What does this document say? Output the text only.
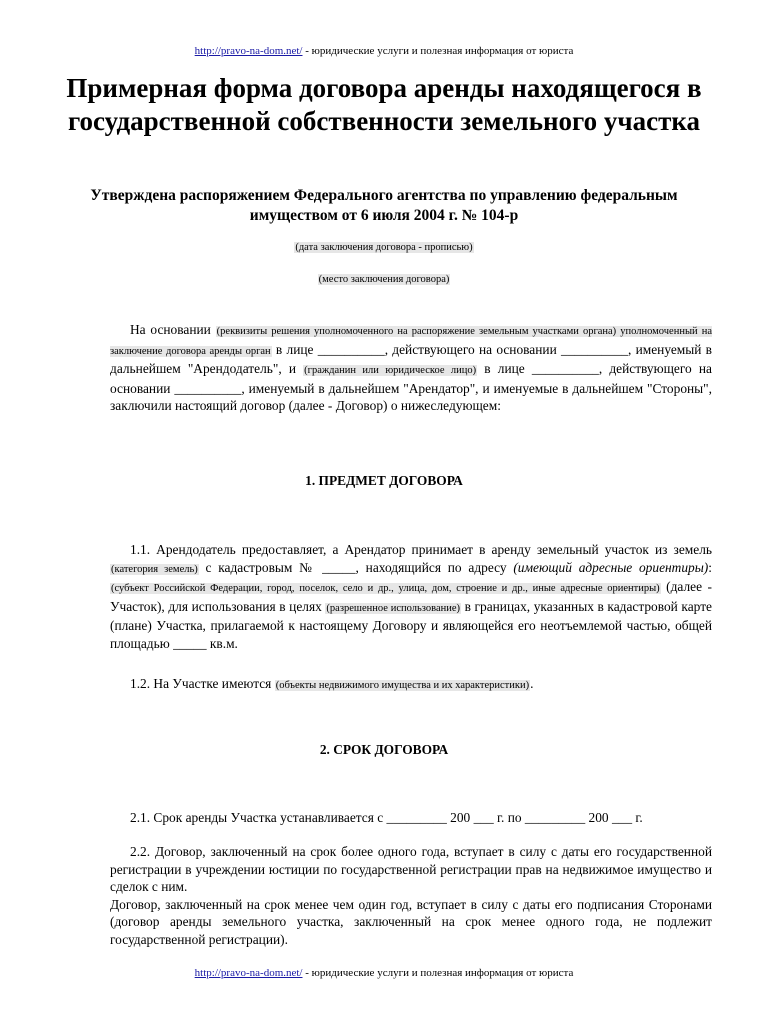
http://pravo-na-dom.net/ - юридические услуги и полезная информация от юриста
Примерная форма договора аренды находящегося в государственной собственности земельного участка
Утверждена распоряжением Федерального агентства по управлению федеральным имуществом от 6 июля 2004 г. № 104-р
(дата заключения договора - прописью)
(место заключения договора)

На основании (реквизиты решения уполномоченного на распоряжение земельным участками органа) уполномоченный на заключение договора аренды орган в лице __________, действующего на основании __________, именуемый в дальнейшем "Арендодатель", и (гражданин или юридическое лицо) в лице __________, действующего на основании __________, именуемый в дальнейшем "Арендатор", и именуемые в дальнейшем "Стороны", заключили настоящий договор (далее - Договор) о нижеследующем:

1. ПРЕДМЕТ ДОГОВОРА

1.1. Арендодатель предоставляет, а Арендатор принимает в аренду земельный участок из земель (категория земель) с кадастровым № _____, находящийся по адресу (имеющий адресные ориентиры): (субъект Российской Федерации, город, поселок, село и др., улица, дом, строение и др., иные адресные ориентиры) (далее - Участок), для использования в целях (разрешенное использование) в границах, указанных в кадастровой карте (плане) Участка, прилагаемой к настоящему Договору и являющейся его неотъемлемой частью, общей площадью _____ кв.м.

1.2. На Участке имеются (объекты недвижимого имущества и их характеристики).

2. СРОК ДОГОВОРА

2.1. Срок аренды Участка устанавливается с _________ 200 ___ г. по _________ 200 ___ г.

2.2. Договор, заключенный на срок более одного года, вступает в силу с даты его государственной регистрации в учреждении юстиции по государственной регистрации прав на недвижимое имущество и сделок с ним.

Договор, заключенный на срок менее чем один год, вступает в силу с даты его подписания Сторонами (договор аренды земельного участка, заключенный на срок менее одного года, не подлежит государственной регистрации).

http://pravo-na-dom.net/ - юридические услуги и полезная информация от юриста
